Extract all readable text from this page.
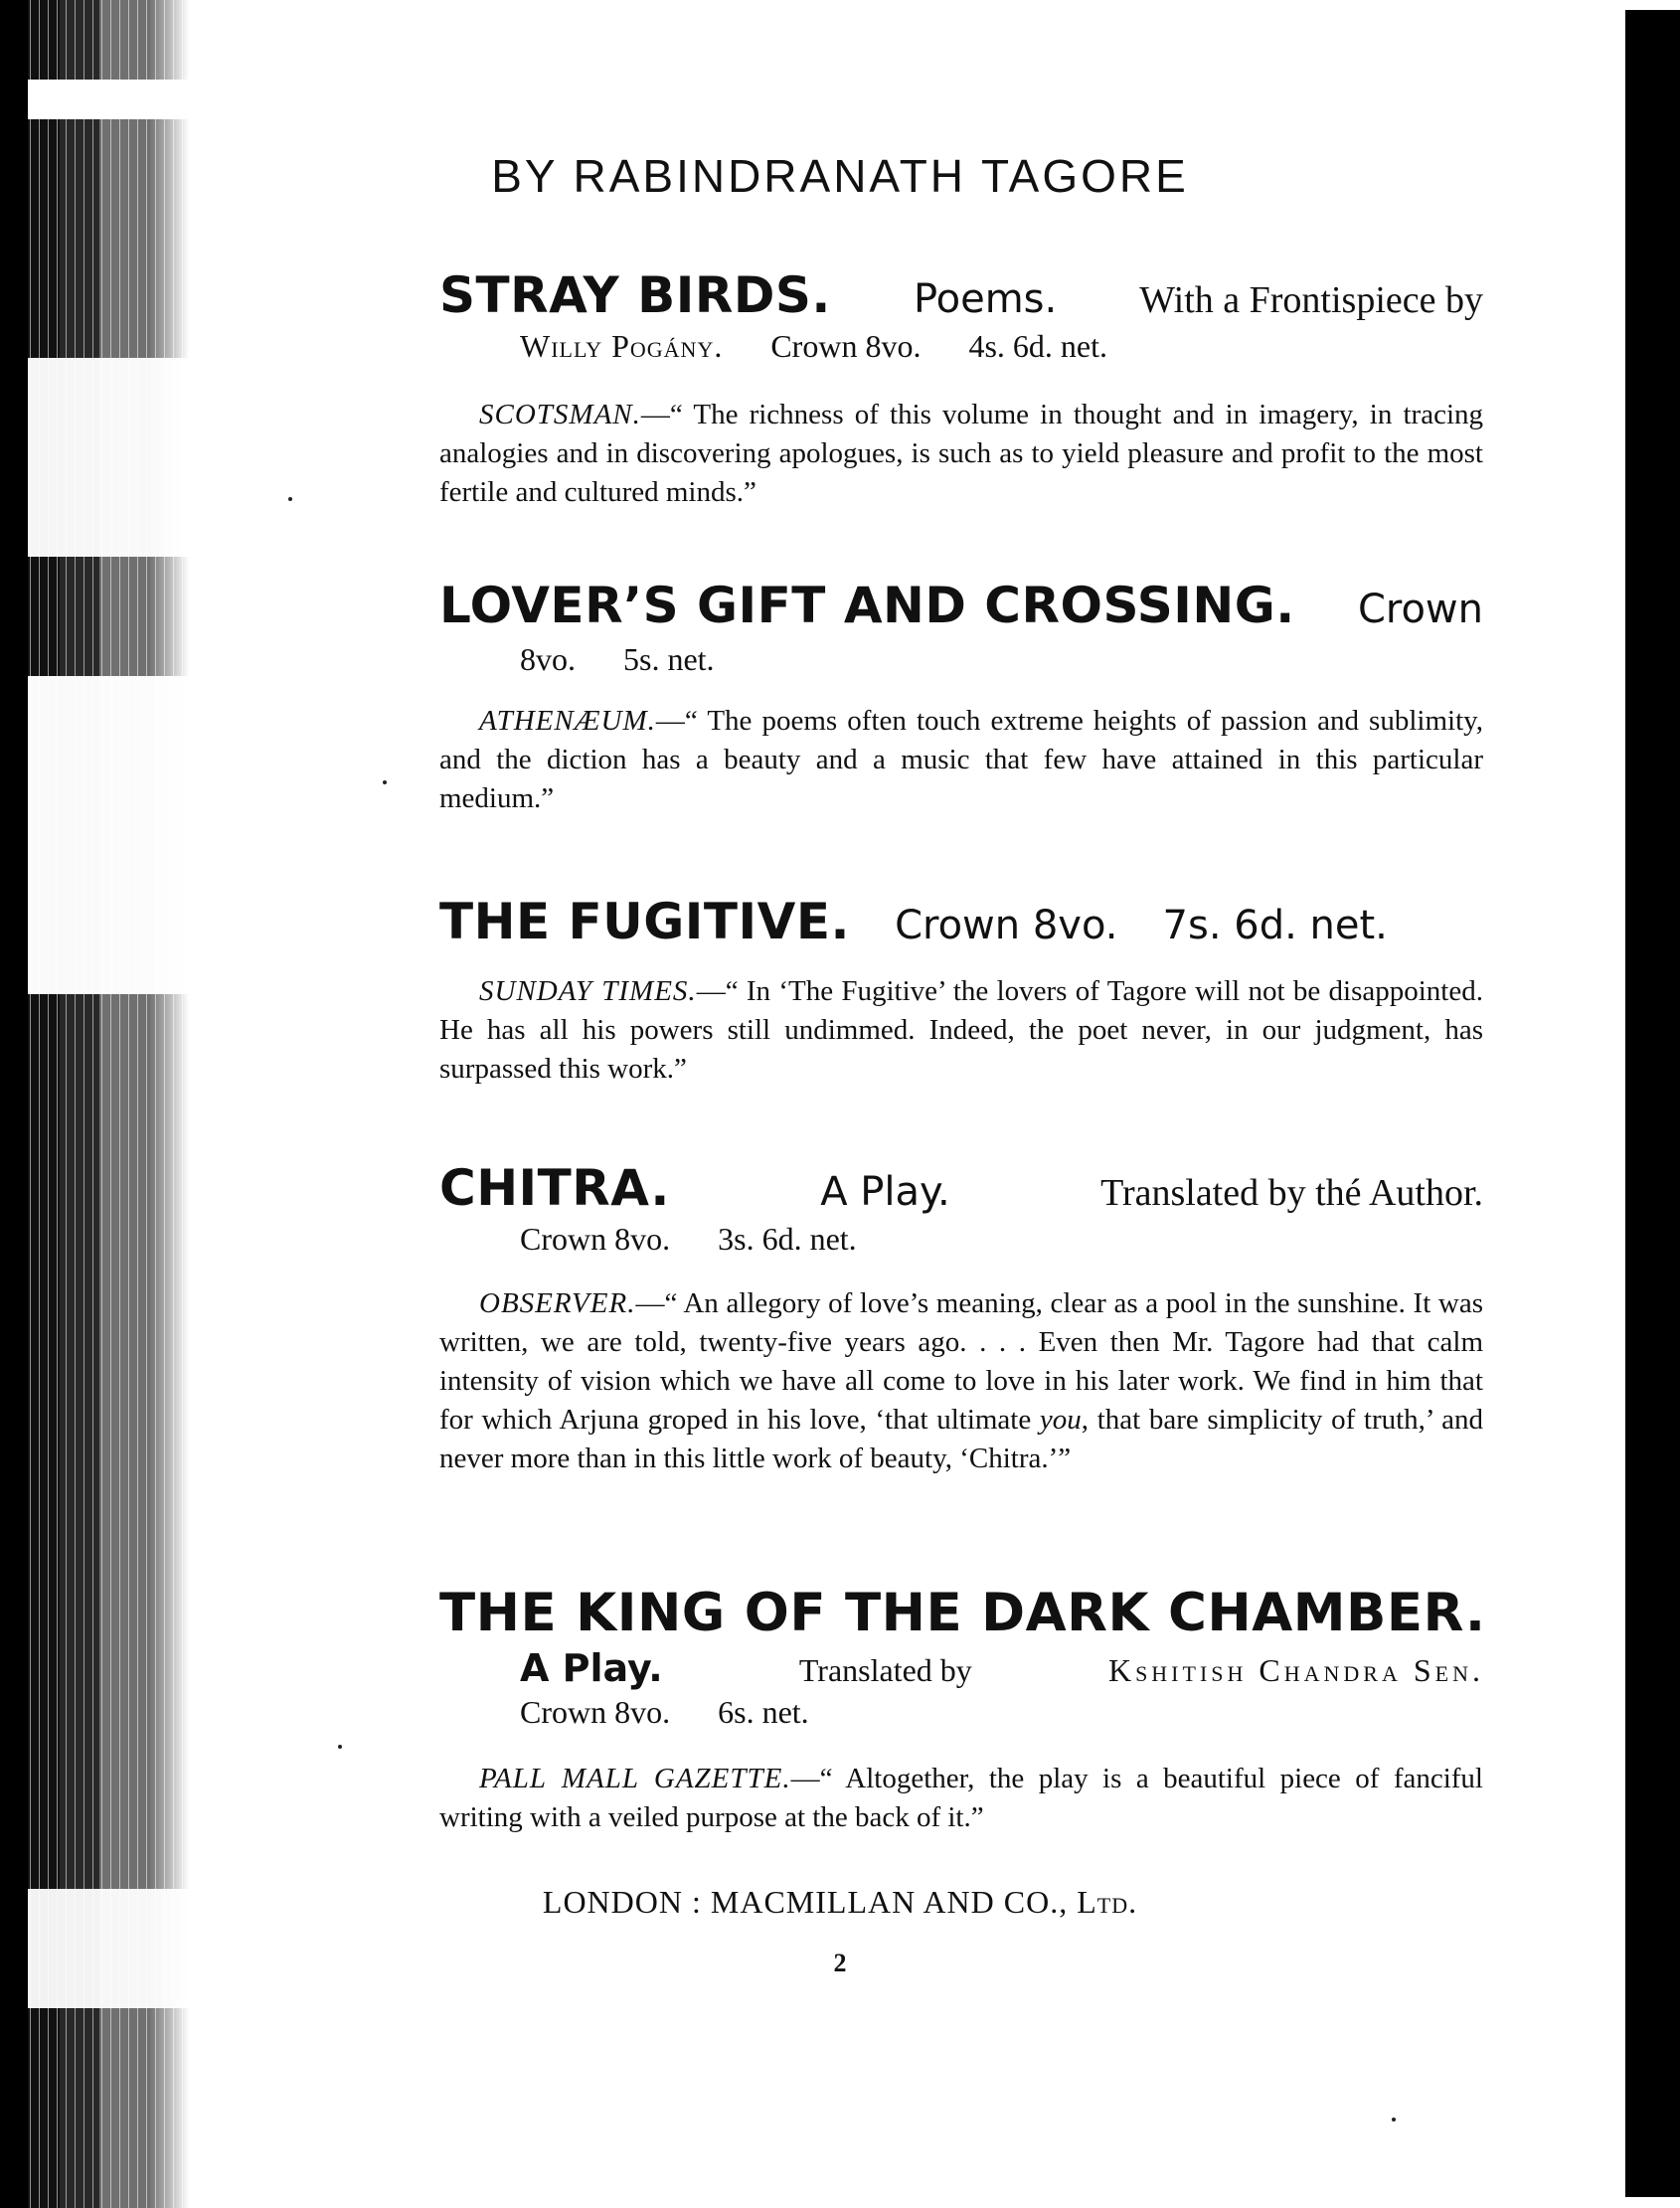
BY RABINDRANATH TAGORE
STRAY BIRDS. Poems. With a Frontispiece by
Willy Pogány. Crown 8vo. 4s. 6d. net.
SCOTSMAN.—“ The richness of this volume in thought and in imagery, in tracing analogies and in discovering apologues, is such as to yield pleasure and profit to the most fertile and cultured minds.”
LOVER’S GIFT AND CROSSING. Crown
8vo. 5s. net.
ATHENÆUM.—“ The poems often touch extreme heights of passion and sublimity, and the diction has a beauty and a music that few have attained in this particular medium.”
THE FUGITIVE. Crown 8vo. 7s. 6d. net.
SUNDAY TIMES.—“ In ‘The Fugitive’ the lovers of Tagore will not be disappointed. He has all his powers still undimmed. Indeed, the poet never, in our judgment, has surpassed this work.”
CHITRA.	A Play.	Translated by thé Author.
Crown 8vo. 3s. 6d. net.
OBSERVER.—“ An allegory of love’s meaning, clear as a pool in the sunshine. It was written, we are told, twenty-five years ago. . . . Even then Mr. Tagore had that calm intensity of vision which we have all come to love in his later work. We find in him that for which Arjuna groped in his love, ‘that ultimate you, that bare simplicity of truth,’ and never more than in this little work of beauty, ‘Chitra.’”
THE KING OF THE DARK CHAMBER.
A Play.	Translated by	Kshitish Chandra Sen.
Crown 8vo. 6s. net.
PALL MALL GAZETTE.—“ Altogether, the play is a beautiful piece of fanciful writing with a veiled purpose at the back of it.”
LONDON : MACMILLAN AND CO., Ltd.
2
